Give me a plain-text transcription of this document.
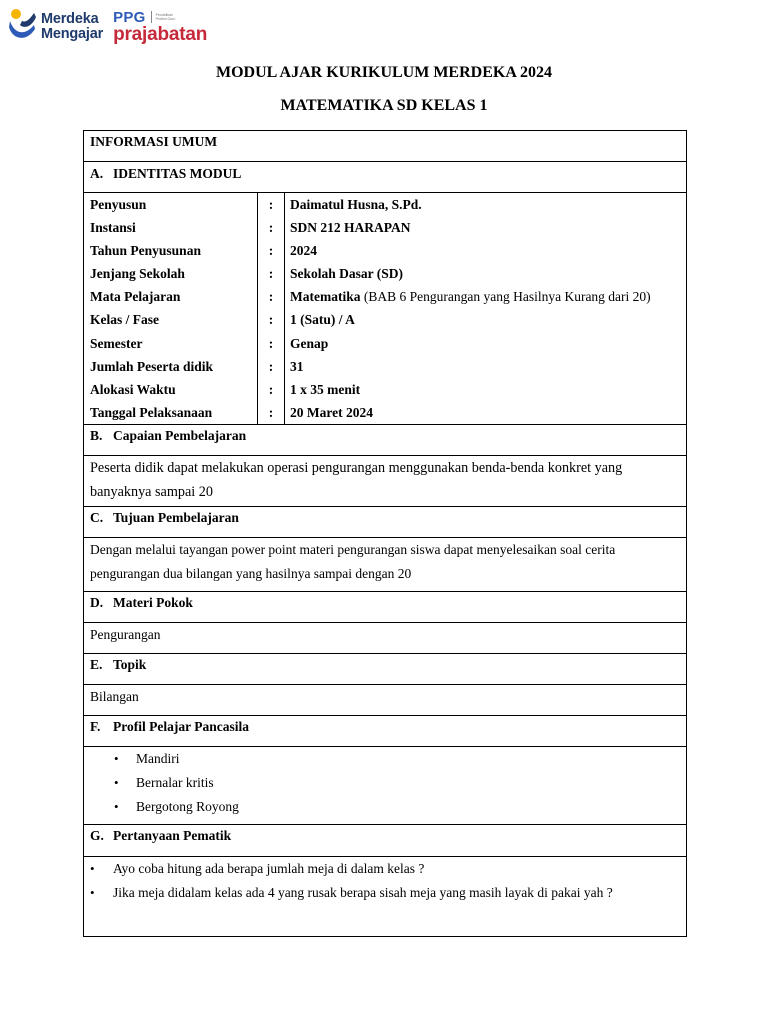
Merdeka
Mengajar
PPG	Pendidikan Profesi Guru
prajabatan
MODUL AJAR KURIKULUM MERDEKA 2024
MATEMATIKA SD KELAS 1
INFORMASI UMUM
A. IDENTITAS MODUL
Penyusun
Instansi
Tahun Penyusunan
Jenjang Sekolah
Mata Pelajaran
Kelas / Fase
Semester
Jumlah Peserta didik
Alokasi Waktu
Tanggal Pelaksanaan
:
:
:
:
:
:
:
:
:
:
Daimatul Husna, S.Pd.
SDN 212 HARAPAN
2024
Sekolah Dasar (SD)
Matematika (BAB 6 Pengurangan yang Hasilnya Kurang dari 20)
1 (Satu) / A
Genap
31
1 x 35 menit
20 Maret 2024
B. Capaian Pembelajaran
Peserta didik dapat melakukan operasi pengurangan menggunakan benda-benda konkret yang
banyaknya sampai 20
C. Tujuan Pembelajaran
Dengan melalui tayangan power point materi pengurangan siswa dapat menyelesaikan soal cerita
pengurangan dua bilangan yang hasilnya sampai dengan 20
D. Materi Pokok
Pengurangan
E. Topik
Bilangan
F. Profil Pelajar Pancasila
• Mandiri
• Bernalar kritis
• Bergotong Royong
G. Pertanyaan Pematik
• Ayo coba hitung ada berapa jumlah meja di dalam kelas ?
• Jika meja didalam kelas ada 4 yang rusak berapa sisah meja yang masih layak di pakai yah ?
